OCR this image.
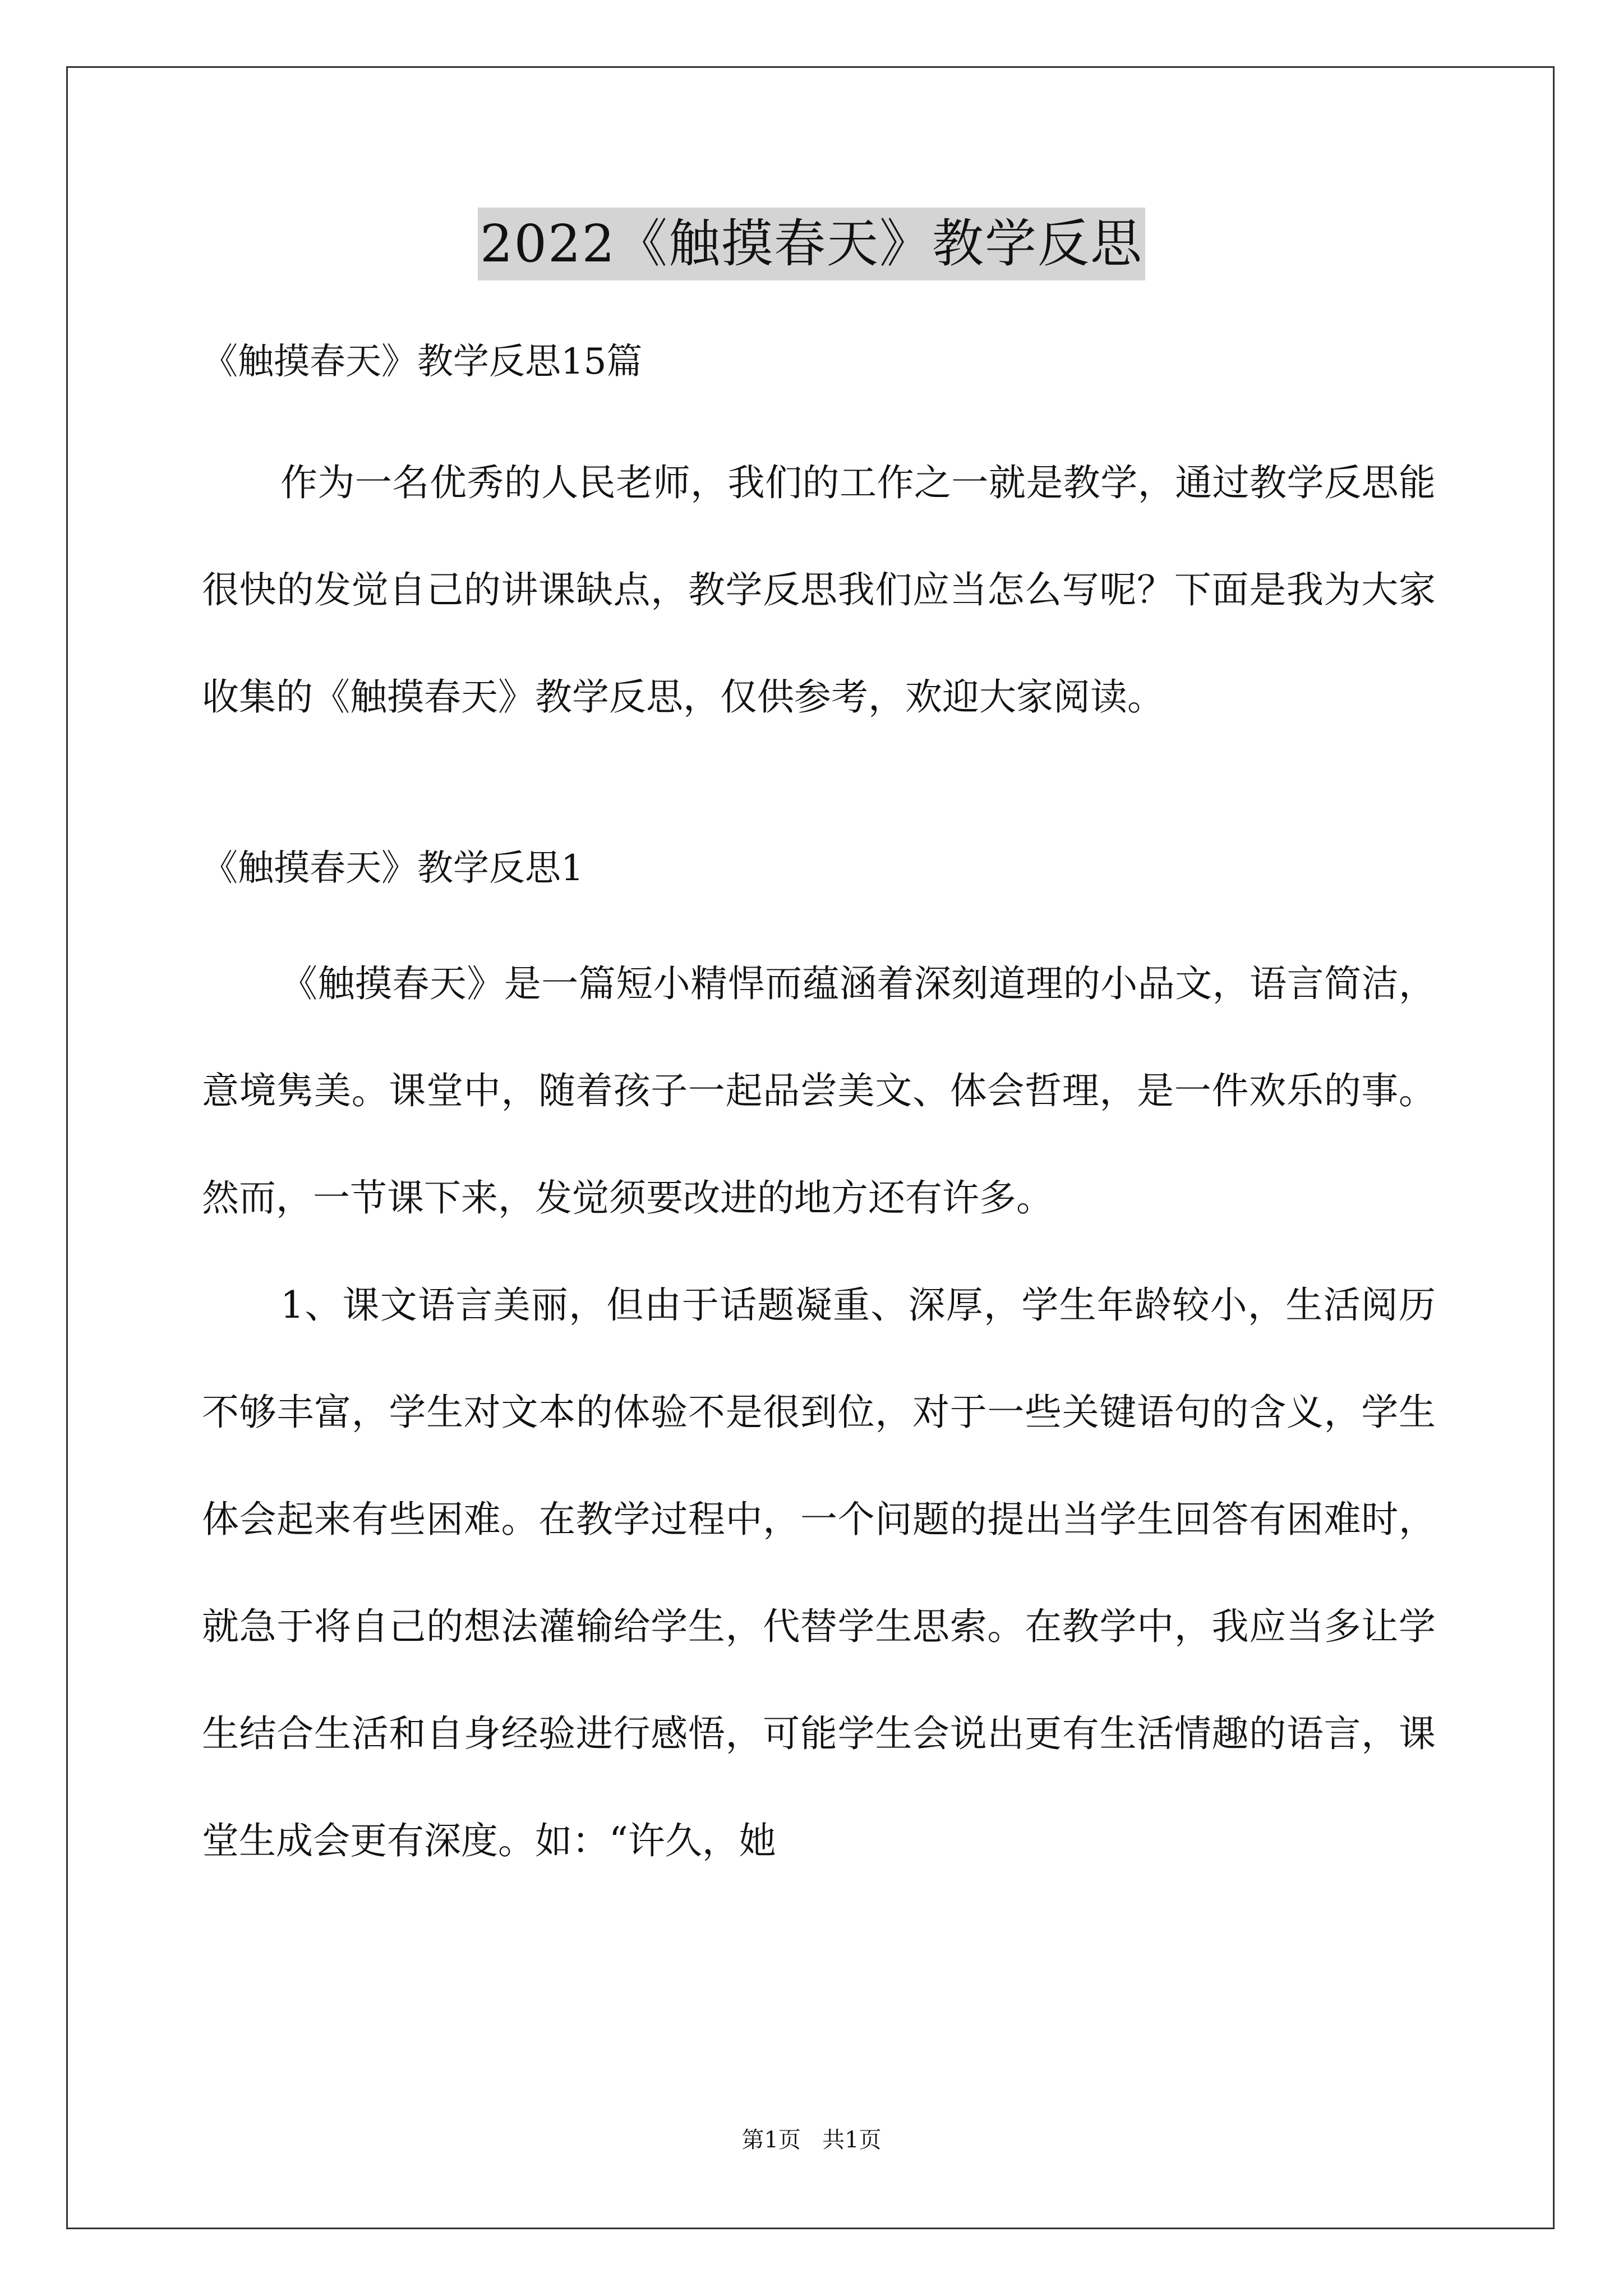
2022《触摸春天》教学反思

《触摸春天》教学反思15篇

作为一名优秀的人民老师，我们的工作之一就是教学，通过教学反思能很快的发觉自己的讲课缺点，教学反思我们应当怎么写呢？下面是我为大家收集的《触摸春天》教学反思，仅供参考，欢迎大家阅读。

《触摸春天》教学反思1

《触摸春天》是一篇短小精悍而蕴涵着深刻道理的小品文，语言简洁，意境隽美。课堂中，随着孩子一起品尝美文、体会哲理，是一件欢乐的事。然而，一节课下来，发觉须要改进的地方还有许多。

1、课文语言美丽，但由于话题凝重、深厚，学生年龄较小，生活阅历不够丰富，学生对文本的体验不是很到位，对于一些关键语句的含义，学生体会起来有些困难。在教学过程中，一个问题的提出当学生回答有困难时，就急于将自己的想法灌输给学生，代替学生思索。在教学中，我应当多让学生结合生活和自身经验进行感悟，可能学生会说出更有生活情趣的语言，课堂生成会更有深度。如：“许久，她

第1页 共1页
